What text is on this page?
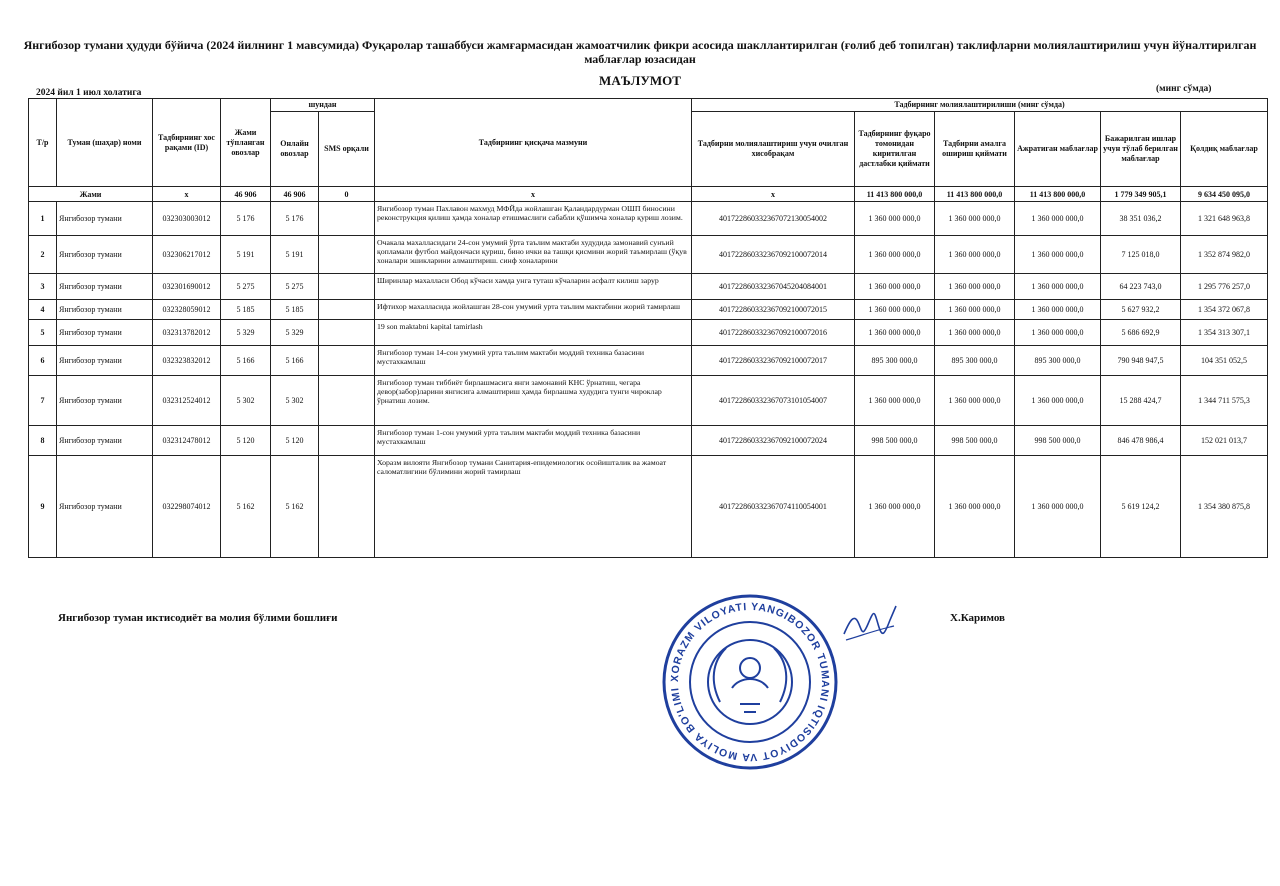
Янгибозор тумани ҳудуди бўйича (2024 йилнинг 1 мавсумида) Фуқаролар ташаббуси жамғармасидан жамоатчилик фикри асосида шакллантирилган (ғолиб деб топилган) таклифларни молиялаштирилиш учун йўналтирилган маблағлар юзасидан
МАЪЛУМОТ
2024 йил 1 июл холатига	(минг сўмда)
Т/р	Туман (шаҳар) номи	Тадбирнинг хос рақами (ID)	Жами тўпланган овозлар	шундан		Тадбирнинг қисқача мазмуни	Тадбирнинг молиялаштирилиши (минг сўмда)					
				Онлайн овозлар	SMS орқали		Тадбирни молиялаштириш учун очилган хисобрақам	Тадбирнинг фуқаро томонидан киритилган дастлабки қиймати	Тадбирни амалга ошириш қиймати	Ажратиган маблағлар	Бажарилган ишлар учун тўлаб берилган маблағлар	Қолдиқ маблағлар

Жами		x	46 906	46 906	0	x	x	11 413 800 000,0	11 413 800 000,0	11 413 800 000,0	1 779 349 905,1	9 634 450 095,0
1	Янгибозор тумани	032303003012	5 176	5 176		Янгибозор туман Пахлавон махмуд МФЙда жойлашган Қаландардурман ОШП биносини реконструкция қилиш ҳамда хоналар етишмаслиги сабабли қўшимча хоналар қуриш лозим.	401722860332367072130054002	1 360 000 000,0	1 360 000 000,0	1 360 000 000,0	38 351 036,2	1 321 648 963,8
2	Янгибозор тумани	032306217012	5 191	5 191		Очакала махалласидаги 24-сон умумий ўрта таълим мактаби худудида замонавий сунъий қопламали футбол майдончаси қуриш, бино ички ва ташқи қисмини жорий таъмирлаш (ўқув хоналари эшикларини алмаштириш. синф хоналарини	401722860332367092100072014	1 360 000 000,0	1 360 000 000,0	1 360 000 000,0	7 125 018,0	1 352 874 982,0
3	Янгибозор тумани	032301690012	5 275	5 275		Ширинлар махалласи Обод кўчаси хамда унга туташ кўчаларин асфалт килиш зарур	401722860332367045204084001	1 360 000 000,0	1 360 000 000,0	1 360 000 000,0	64 223 743,0	1 295 776 257,0
4	Янгибозор тумани	032328059012	5 185	5 185		Ифтихор махалласида жойлашган 28-сон умумий урта таълим мактабини жорий тамирлаш	401722860332367092100072015	1 360 000 000,0	1 360 000 000,0	1 360 000 000,0	5 627 932,2	1 354 372 067,8
5	Янгибозор тумани	032313782012	5 329	5 329		19 son maktabni kapital tamirlash	401722860332367092100072016	1 360 000 000,0	1 360 000 000,0	1 360 000 000,0	5 686 692,9	1 354 313 307,1
6	Янгибозор тумани	032323832012	5 166	5 166		Янгибозор туман 14-сон умумий урта таълим мактаби моддий техника базасини мустахкамлаш	401722860332367092100072017	895 300 000,0	895 300 000,0	895 300 000,0	790 948 947,5	104 351 052,5
7	Янгибозор тумани	032312524012	5 302	5 302		Янгибозор туман тиббиёт бирлашмасига янги замонавий КНС ўрнатиш, чегара девор(забор)ларини янгисига алмаштириш ҳамда бирлашма худудига тунги чироклар ўрнатиш лозим.	401722860332367073101054007	1 360 000 000,0	1 360 000 000,0	1 360 000 000,0	15 288 424,7	1 344 711 575,3
8	Янгибозор тумани	032312478012	5 120	5 120		Янгибозор туман 1-сон умумий урта таълим мактаби моддий техника базасини мустахкамлаш	401722860332367092100072024	998 500 000,0	998 500 000,0	998 500 000,0	846 478 986,4	152 021 013,7
9	Янгибозор тумани	032298074012	5 162	5 162		Хоразм вилояти Янгибозор тумани Санитария-епидемиологик осойишталик ва жамоат саломатлигини бўлимини жорий тамирлаш	401722860332367074110054001	1 360 000 000,0	1 360 000 000,0	1 360 000 000,0	5 619 124,2	1 354 380 875,8
Янгибозор туман иктисодиёт ва молия бўлими бошлиғи	Х.Каримов
XORAZM VILOYATI YANGIBOZOR TUMANI IQTISODIYOT VA MOLIYA BO'LIMI
